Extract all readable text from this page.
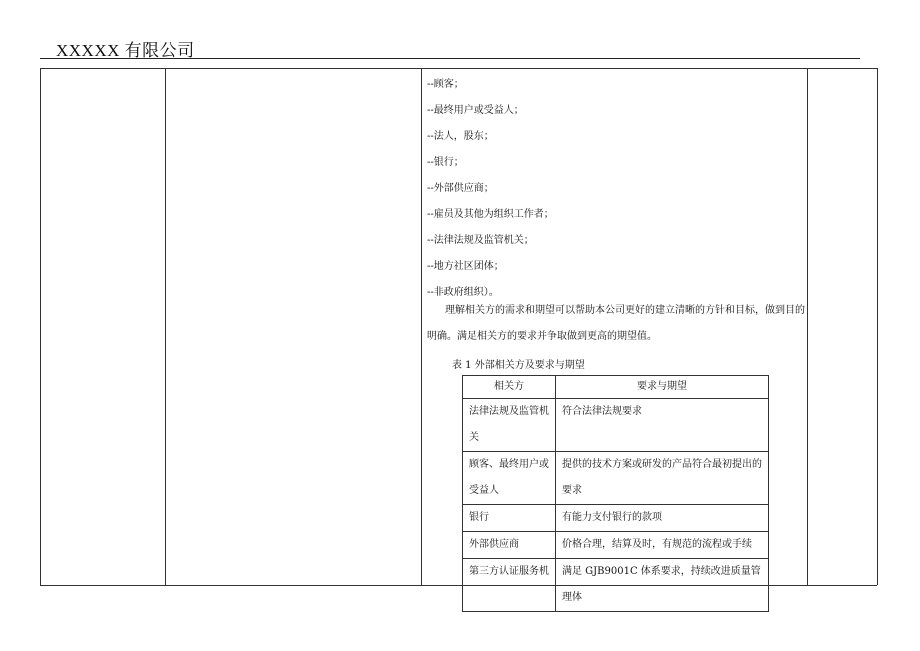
XXXXX 有限公司
--顾客；
--最终用户或受益人；
--法人，股东；
--银行；
--外部供应商；
--雇员及其他为组织工作者；
--法律法规及监管机关；
--地方社区团体；
--非政府组织）。
理解相关方的需求和期望可以帮助本公司更好的建立清晰的方针和目标，做到目的明确。满足相关方的要求并争取做到更高的期望值。
表 1 外部相关方及要求与期望
相关方	要求与期望
法律法规及监管机关	符合法律法规要求
顾客、最终用户或受益人	提供的技术方案或研发的产品符合最初提出的要求
银行	有能力支付银行的款项
外部供应商	价格合理，结算及时，有规范的流程或手续
第三方认证服务机	满足 GJB9001C 体系要求，持续改进质量管理体
